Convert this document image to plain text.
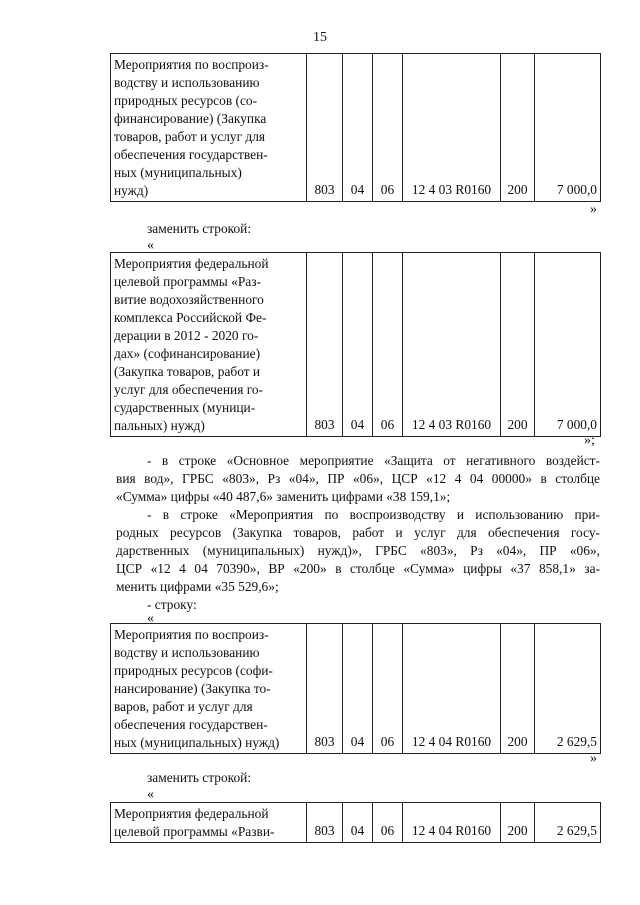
15
Мероприятия по воспроиз-
водству и использованию
природных ресурсов (со-
финансирование) (Закупка
товаров, работ и услуг для
обеспечения государствен-
ных (муниципальных)
нужд)	803	04	06	12 4 03 R0160	200	7 000,0
»
заменить строкой:
«
Мероприятия федеральной
целевой программы «Раз-
витие водохозяйственного
комплекса Российской Фе-
дерации в 2012 - 2020 го-
дах» (софинансирование)
(Закупка товаров, работ и
услуг для обеспечения го-
сударственных (муници-
пальных) нужд)	803	04	06	12 4 03 R0160	200	7 000,0
»;
- в строке «Основное мероприятие «Защита от негативного воздейст-
вия вод», ГРБС «803», Рз «04», ПР «06», ЦСР «12 4 04 00000» в столбце
«Сумма» цифры «40 487,6» заменить цифрами «38 159,1»;
- в строке «Мероприятия по воспроизводству и использованию при-
родных ресурсов (Закупка товаров, работ и услуг для обеспечения госу-
дарственных (муниципальных) нужд)», ГРБС «803», Рз «04», ПР «06»,
ЦСР «12 4 04 70390», ВР «200» в столбце «Сумма» цифры «37 858,1» за-
менить цифрами «35 529,6»;
- строку:
«
Мероприятия по воспроиз-
водству и использованию
природных ресурсов (софи-
нансирование) (Закупка то-
варов, работ и услуг для
обеспечения государствен-
ных (муниципальных) нужд)	803	04	06	12 4 04 R0160	200	2 629,5
»
заменить строкой:
«
Мероприятия федеральной
целевой программы «Разви-	803	04	06	12 4 04 R0160	200	2 629,5
